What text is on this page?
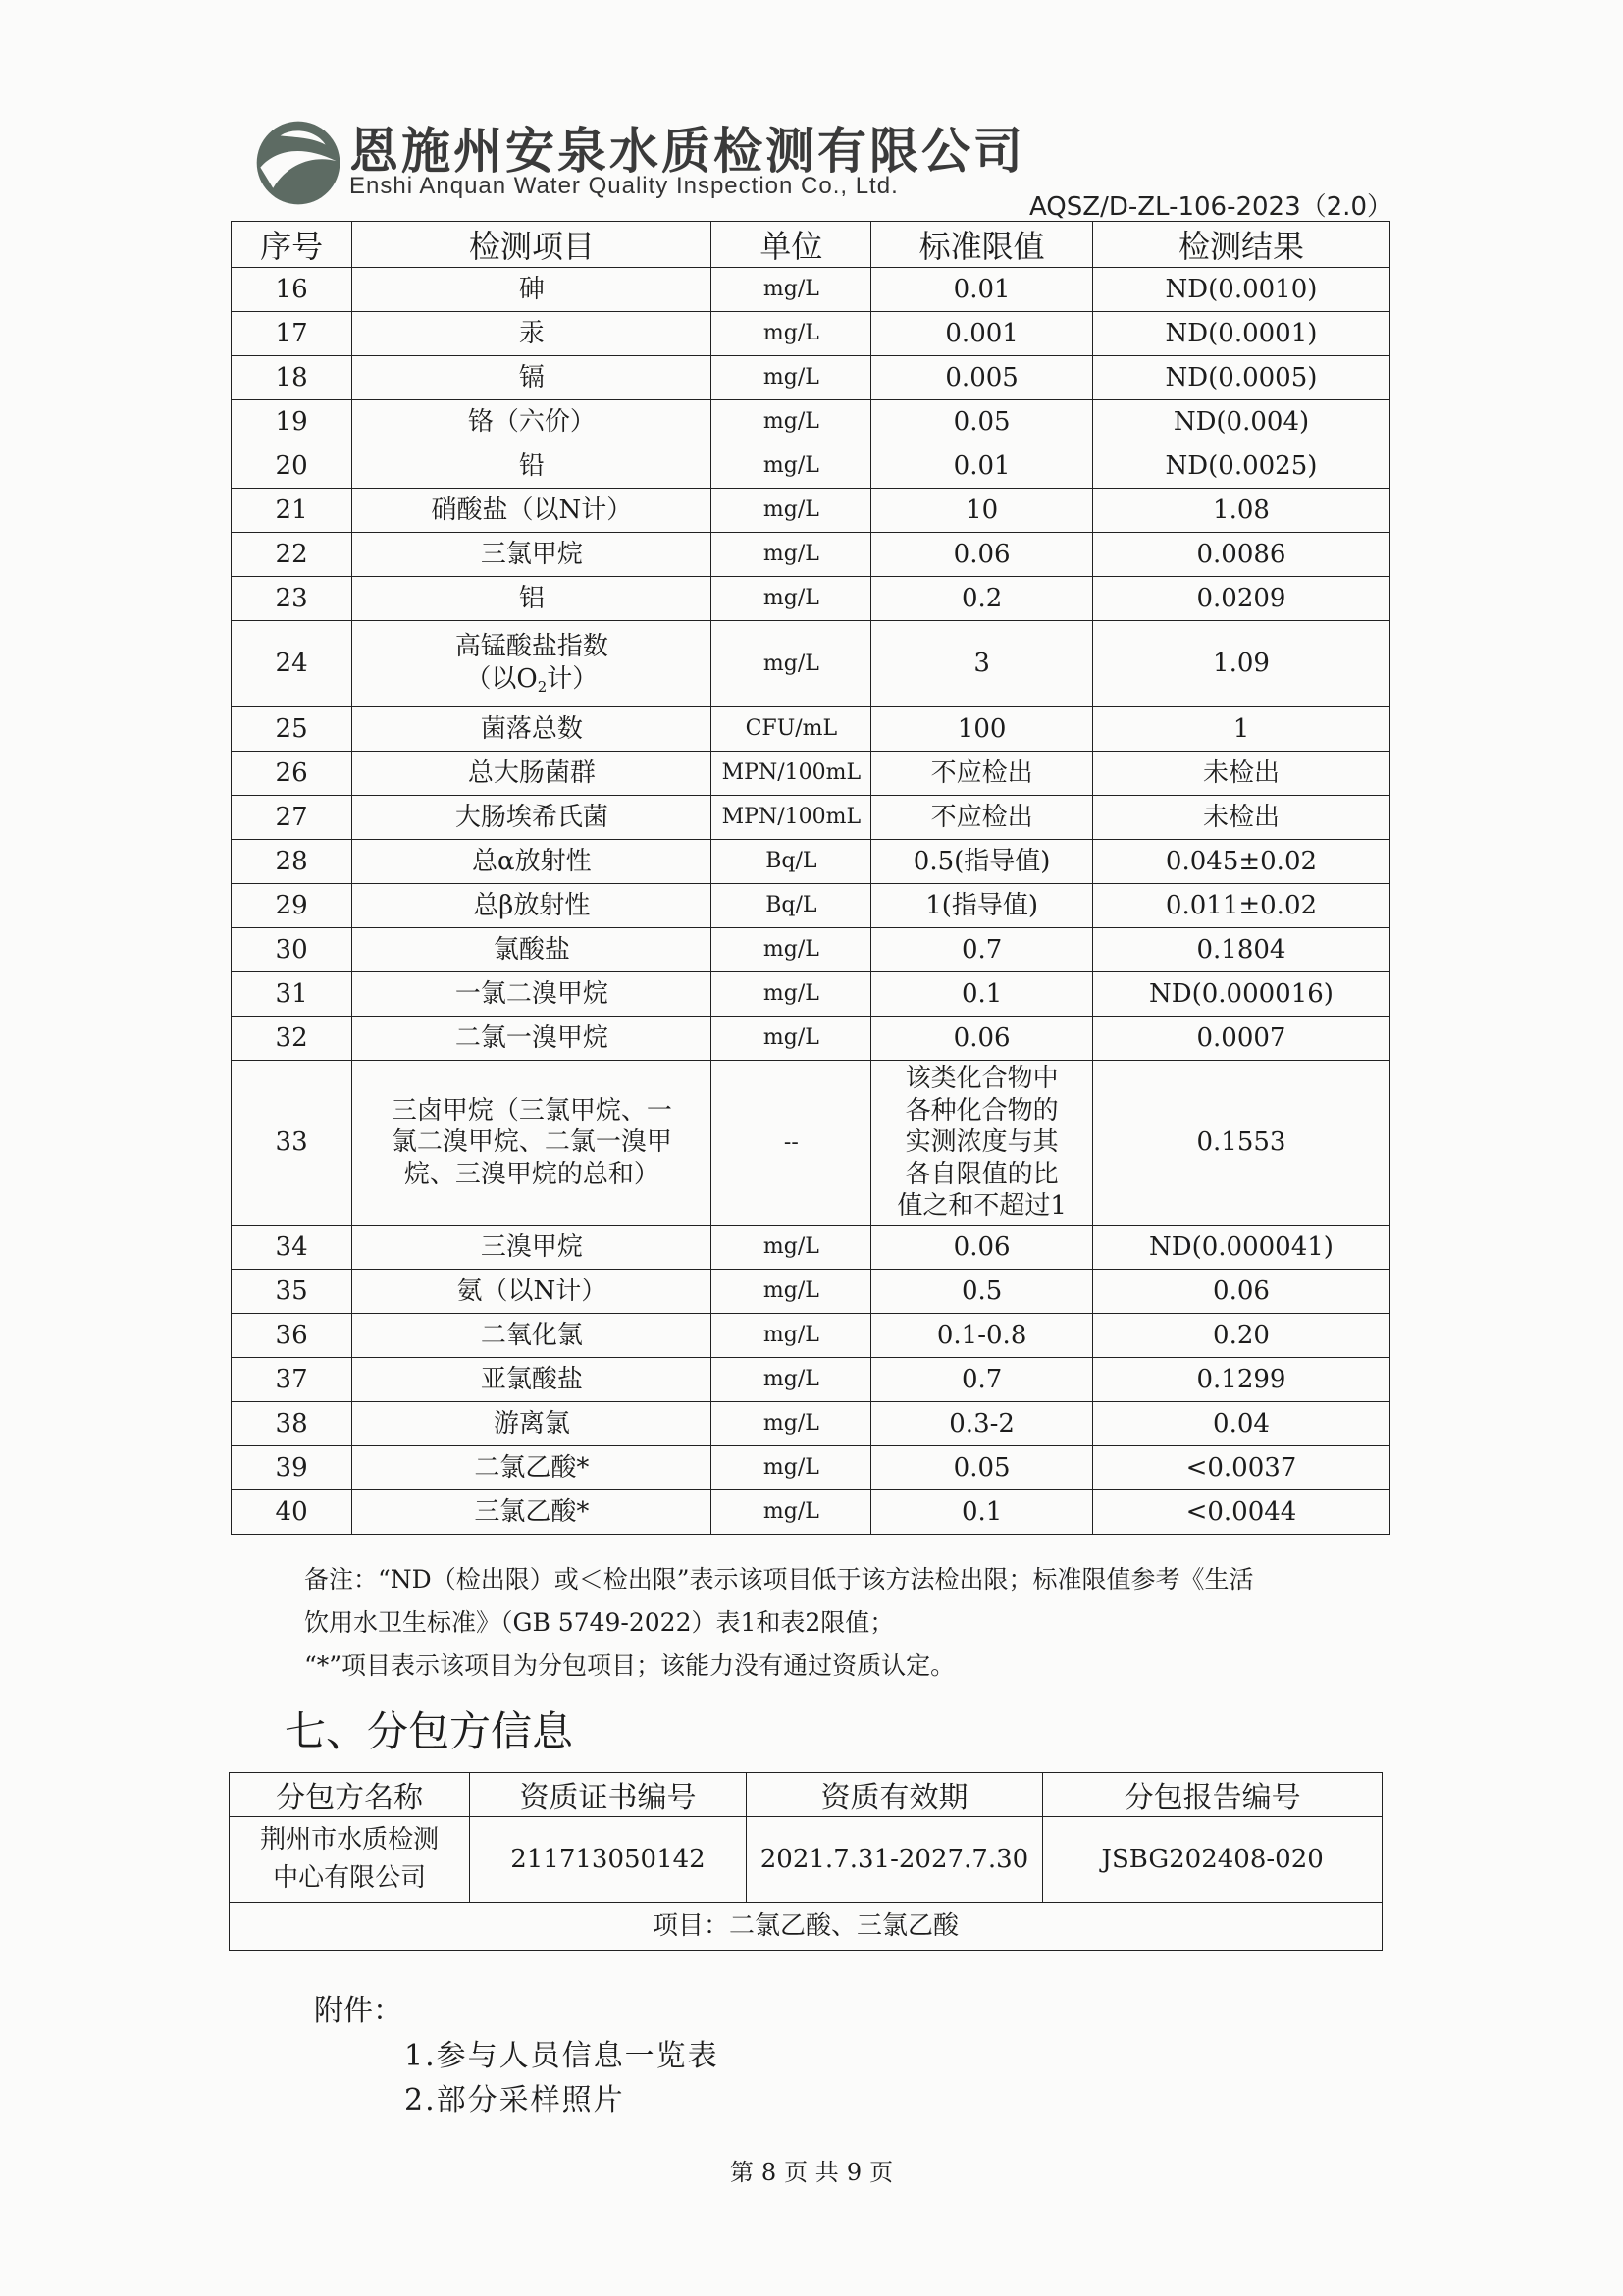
恩施州安泉水质检测有限公司
Enshi Anquan Water Quality Inspection Co., Ltd.
AQSZ/D-ZL-106-2023（2.0）
序号	检测项目	单位	标准限值	检测结果
16	砷	mg/L	0.01	ND(0.0010)
17	汞	mg/L	0.001	ND(0.0001)
18	镉	mg/L	0.005	ND(0.0005)
19	铬（六价）	mg/L	0.05	ND(0.004)
20	铅	mg/L	0.01	ND(0.0025)
21	硝酸盐（以N计）	mg/L	10	1.08
22	三氯甲烷	mg/L	0.06	0.0086
23	铝	mg/L	0.2	0.0209
24	高锰酸盐指数
（以$O_2$计）	mg/L	3	1.09
25	菌落总数	CFU/mL	100	1
26	总大肠菌群	MPN/100mL	不应检出	未检出
27	大肠埃希氏菌	MPN/100mL	不应检出	未检出
28	总α放射性	Bq/L	0.5(指导值)	0.045±0.02
29	总β放射性	Bq/L	1(指导值)	0.011±0.02
30	氯酸盐	mg/L	0.7	0.1804
31	一氯二溴甲烷	mg/L	0.1	ND(0.000016)
32	二氯一溴甲烷	mg/L	0.06	0.0007
33	三卤甲烷（三氯甲烷、一
氯二溴甲烷、二氯一溴甲
烷、三溴甲烷的总和）	--	该类化合物中
各种化合物的
实测浓度与其
各自限值的比
值之和不超过1	0.1553
34	三溴甲烷	mg/L	0.06	ND(0.000041)
35	氨（以N计）	mg/L	0.5	0.06
36	二氧化氯	mg/L	0.1-0.8	0.20
37	亚氯酸盐	mg/L	0.7	0.1299
38	游离氯	mg/L	0.3-2	0.04
39	二氯乙酸*	mg/L	0.05	<0.0037
40	三氯乙酸*	mg/L	0.1	<0.0044
备注：“ND（检出限）或＜检出限”表示该项目低于该方法检出限；标准限值参考《生活
饮用水卫生标准》（GB 5749-2022）表1和表2限值；
“*”项目表示该项目为分包项目；该能力没有通过资质认定。
七、分包方信息
分包方名称	资质证书编号	资质有效期	分包报告编号
荆州市水质检测
中心有限公司	211713050142	2021.7.31-2027.7.30	JSBG202408-020
项目：二氯乙酸、三氯乙酸			
附件：
1.参与人员信息一览表
2.部分采样照片
第 8 页 共 9 页
